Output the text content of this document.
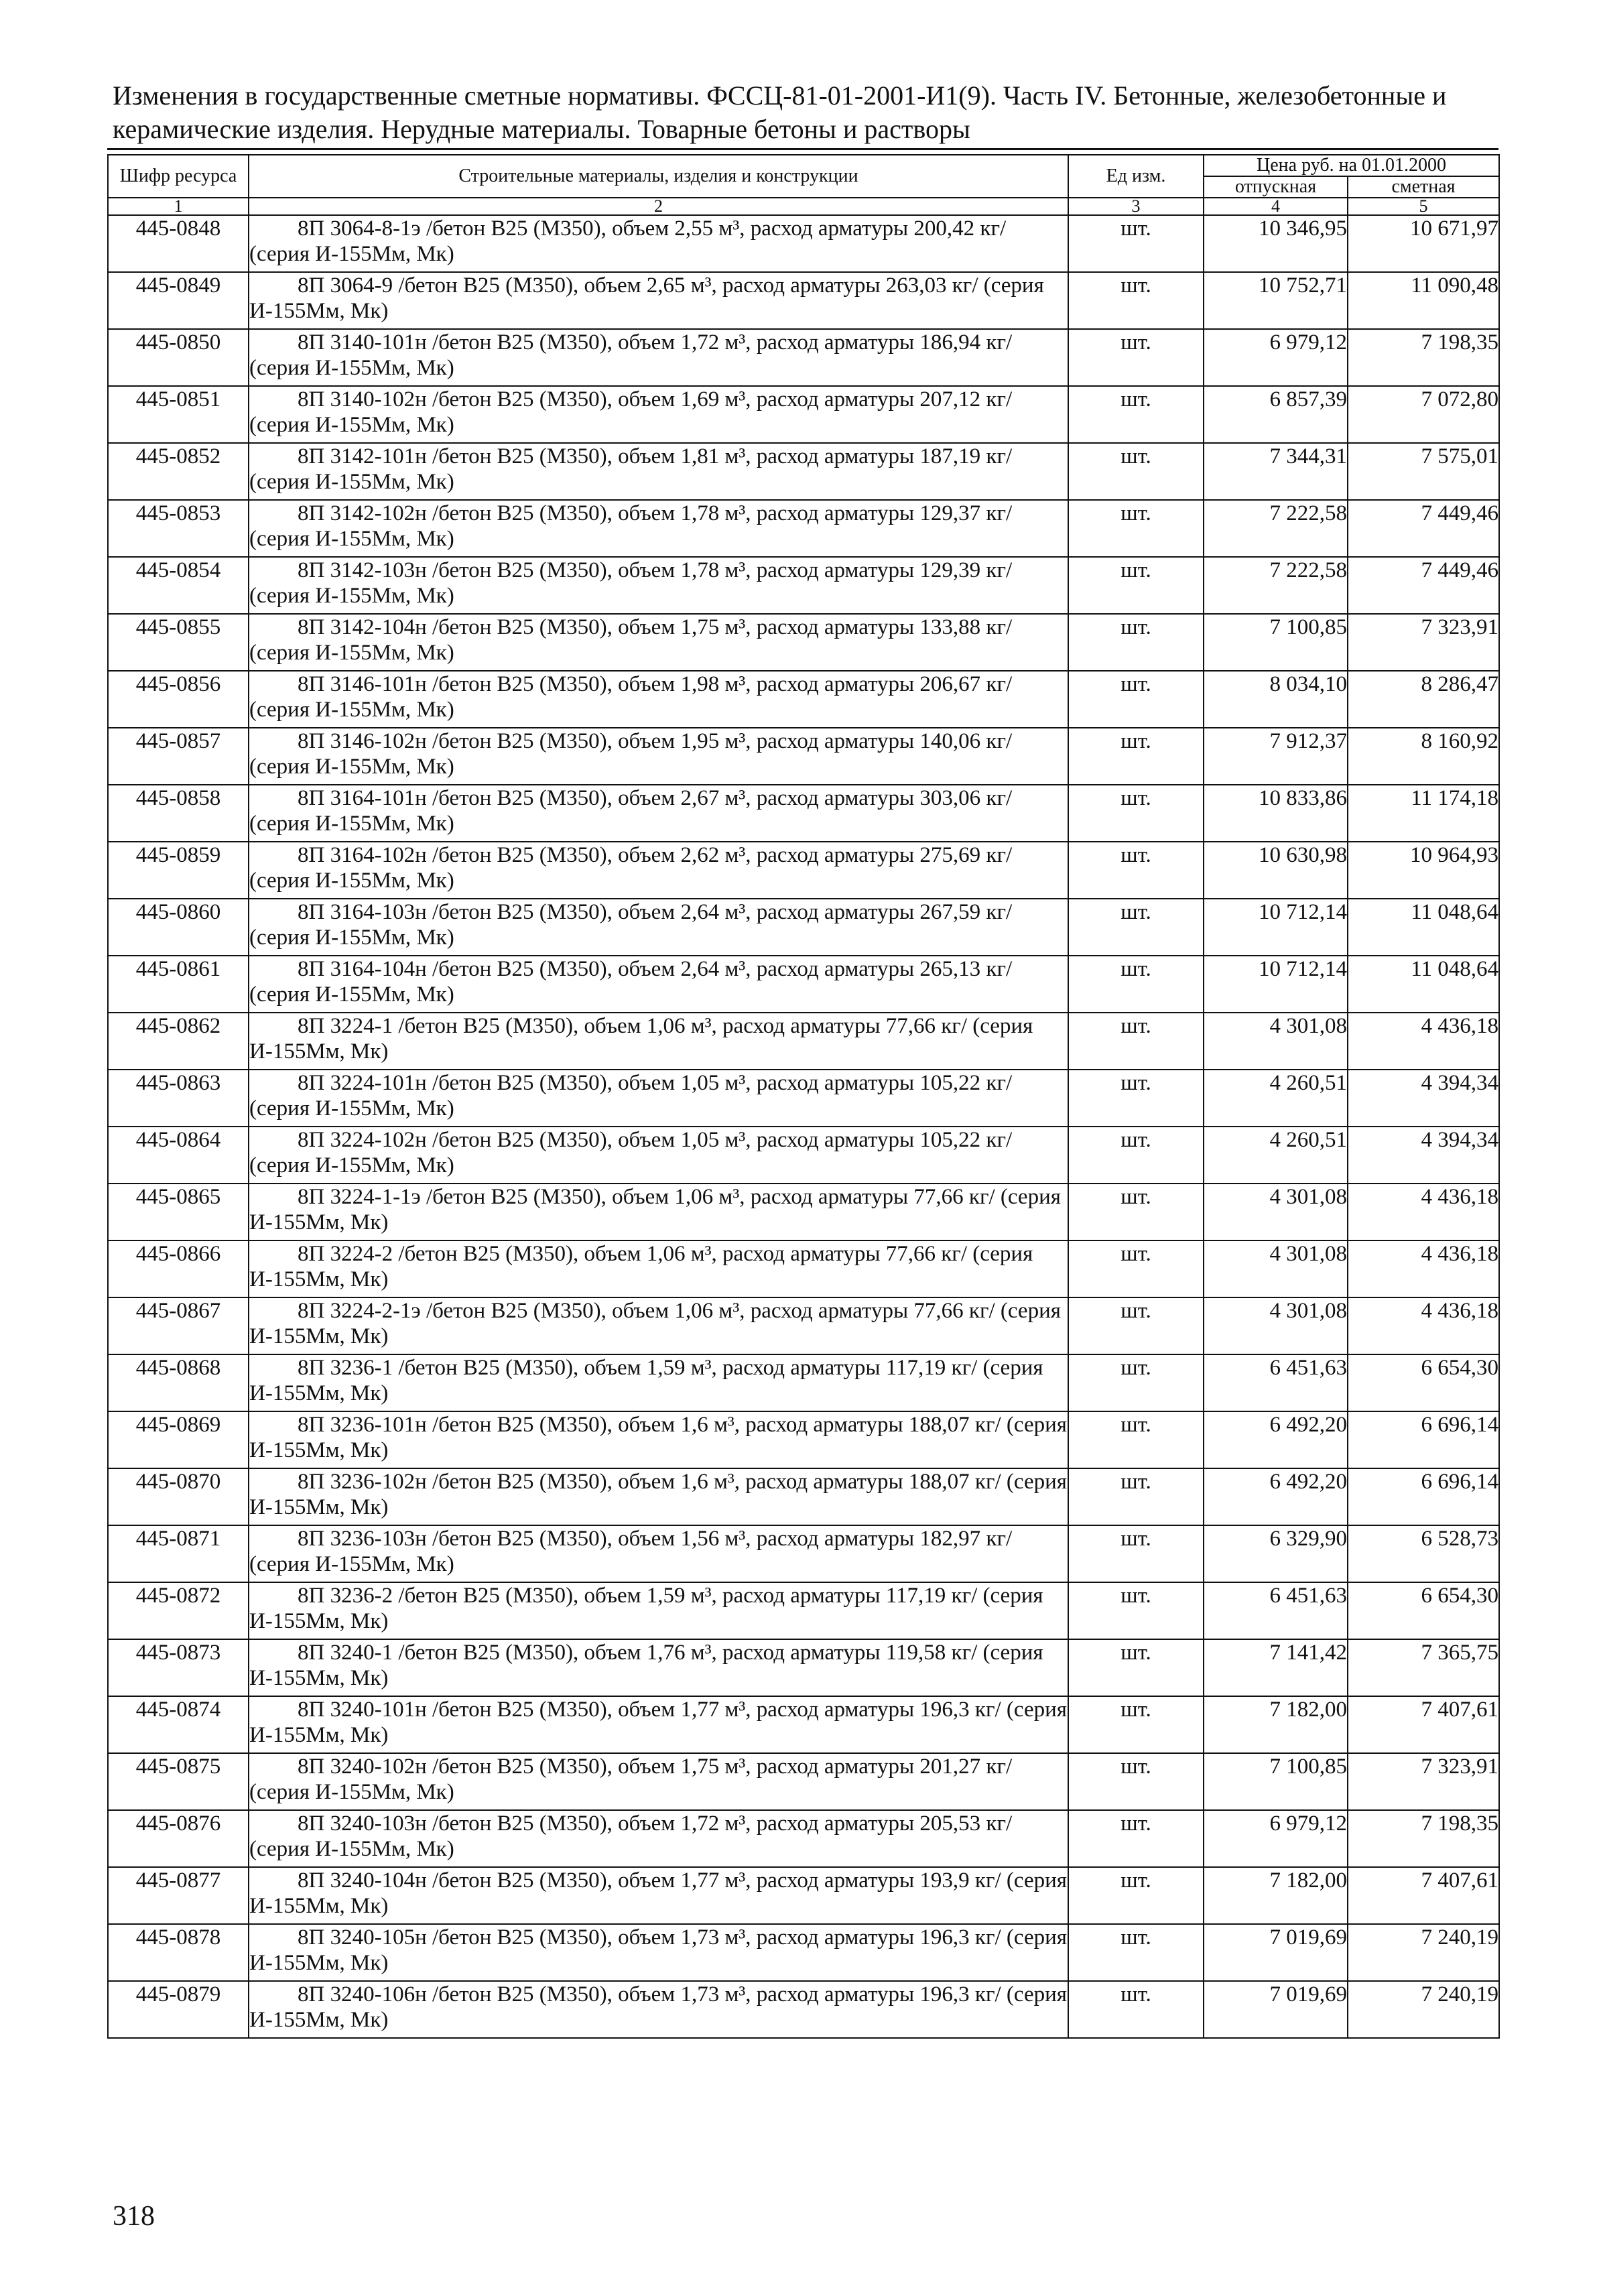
Изменения в государственные сметные нормативы. ФССЦ-81-01-2001-И1(9). Часть IV. Бетонные, железобетонные и керамические изделия. Нерудные материалы. Товарные бетоны и растворы
Шифр ресурса	Строительные материалы, изделия и конструкции	Ед изм.	Цена руб. на 01.01.2000	
			отпускная	сметная
1	2	3	4	5
445-0848	8П 3064-8-1э /бетон В25 (М350), объем 2,55 м³, расход арматуры 200,42 кг/ (серия И-155Мм, Мк)	шт.	10 346,95	10 671,97
445-0849	8П 3064-9 /бетон В25 (М350), объем 2,65 м³, расход арматуры 263,03 кг/ (серия И-155Мм, Мк)	шт.	10 752,71	11 090,48
445-0850	8П 3140-101н /бетон В25 (М350), объем 1,72 м³, расход арматуры 186,94 кг/ (серия И-155Мм, Мк)	шт.	6 979,12	7 198,35
445-0851	8П 3140-102н /бетон В25 (М350), объем 1,69 м³, расход арматуры 207,12 кг/ (серия И-155Мм, Мк)	шт.	6 857,39	7 072,80
445-0852	8П 3142-101н /бетон В25 (М350), объем 1,81 м³, расход арматуры 187,19 кг/ (серия И-155Мм, Мк)	шт.	7 344,31	7 575,01
445-0853	8П 3142-102н /бетон В25 (М350), объем 1,78 м³, расход арматуры 129,37 кг/ (серия И-155Мм, Мк)	шт.	7 222,58	7 449,46
445-0854	8П 3142-103н /бетон В25 (М350), объем 1,78 м³, расход арматуры 129,39 кг/ (серия И-155Мм, Мк)	шт.	7 222,58	7 449,46
445-0855	8П 3142-104н /бетон В25 (М350), объем 1,75 м³, расход арматуры 133,88 кг/ (серия И-155Мм, Мк)	шт.	7 100,85	7 323,91
445-0856	8П 3146-101н /бетон В25 (М350), объем 1,98 м³, расход арматуры 206,67 кг/ (серия И-155Мм, Мк)	шт.	8 034,10	8 286,47
445-0857	8П 3146-102н /бетон В25 (М350), объем 1,95 м³, расход арматуры 140,06 кг/ (серия И-155Мм, Мк)	шт.	7 912,37	8 160,92
445-0858	8П 3164-101н /бетон В25 (М350), объем 2,67 м³, расход арматуры 303,06 кг/ (серия И-155Мм, Мк)	шт.	10 833,86	11 174,18
445-0859	8П 3164-102н /бетон В25 (М350), объем 2,62 м³, расход арматуры 275,69 кг/ (серия И-155Мм, Мк)	шт.	10 630,98	10 964,93
445-0860	8П 3164-103н /бетон В25 (М350), объем 2,64 м³, расход арматуры 267,59 кг/ (серия И-155Мм, Мк)	шт.	10 712,14	11 048,64
445-0861	8П 3164-104н /бетон В25 (М350), объем 2,64 м³, расход арматуры 265,13 кг/ (серия И-155Мм, Мк)	шт.	10 712,14	11 048,64
445-0862	8П 3224-1 /бетон В25 (М350), объем 1,06 м³, расход арматуры 77,66 кг/ (серия И-155Мм, Мк)	шт.	4 301,08	4 436,18
445-0863	8П 3224-101н /бетон В25 (М350), объем 1,05 м³, расход арматуры 105,22 кг/ (серия И-155Мм, Мк)	шт.	4 260,51	4 394,34
445-0864	8П 3224-102н /бетон В25 (М350), объем 1,05 м³, расход арматуры 105,22 кг/ (серия И-155Мм, Мк)	шт.	4 260,51	4 394,34
445-0865	8П 3224-1-1э /бетон В25 (М350), объем 1,06 м³, расход арматуры 77,66 кг/ (серия И-155Мм, Мк)	шт.	4 301,08	4 436,18
445-0866	8П 3224-2 /бетон В25 (М350), объем 1,06 м³, расход арматуры 77,66 кг/ (серия И-155Мм, Мк)	шт.	4 301,08	4 436,18
445-0867	8П 3224-2-1э /бетон В25 (М350), объем 1,06 м³, расход арматуры 77,66 кг/ (серия И-155Мм, Мк)	шт.	4 301,08	4 436,18
445-0868	8П 3236-1 /бетон В25 (М350), объем 1,59 м³, расход арматуры 117,19 кг/ (серия И-155Мм, Мк)	шт.	6 451,63	6 654,30
445-0869	8П 3236-101н /бетон В25 (М350), объем 1,6 м³, расход арматуры 188,07 кг/ (серия И-155Мм, Мк)	шт.	6 492,20	6 696,14
445-0870	8П 3236-102н /бетон В25 (М350), объем 1,6 м³, расход арматуры 188,07 кг/ (серия И-155Мм, Мк)	шт.	6 492,20	6 696,14
445-0871	8П 3236-103н /бетон В25 (М350), объем 1,56 м³, расход арматуры 182,97 кг/ (серия И-155Мм, Мк)	шт.	6 329,90	6 528,73
445-0872	8П 3236-2 /бетон В25 (М350), объем 1,59 м³, расход арматуры 117,19 кг/ (серия И-155Мм, Мк)	шт.	6 451,63	6 654,30
445-0873	8П 3240-1 /бетон В25 (М350), объем 1,76 м³, расход арматуры 119,58 кг/ (серия И-155Мм, Мк)	шт.	7 141,42	7 365,75
445-0874	8П 3240-101н /бетон В25 (М350), объем 1,77 м³, расход арматуры 196,3 кг/ (серия И-155Мм, Мк)	шт.	7 182,00	7 407,61
445-0875	8П 3240-102н /бетон В25 (М350), объем 1,75 м³, расход арматуры 201,27 кг/ (серия И-155Мм, Мк)	шт.	7 100,85	7 323,91
445-0876	8П 3240-103н /бетон В25 (М350), объем 1,72 м³, расход арматуры 205,53 кг/ (серия И-155Мм, Мк)	шт.	6 979,12	7 198,35
445-0877	8П 3240-104н /бетон В25 (М350), объем 1,77 м³, расход арматуры 193,9 кг/ (серия И-155Мм, Мк)	шт.	7 182,00	7 407,61
445-0878	8П 3240-105н /бетон В25 (М350), объем 1,73 м³, расход арматуры 196,3 кг/ (серия И-155Мм, Мк)	шт.	7 019,69	7 240,19
445-0879	8П 3240-106н /бетон В25 (М350), объем 1,73 м³, расход арматуры 196,3 кг/ (серия И-155Мм, Мк)	шт.	7 019,69	7 240,19
318
